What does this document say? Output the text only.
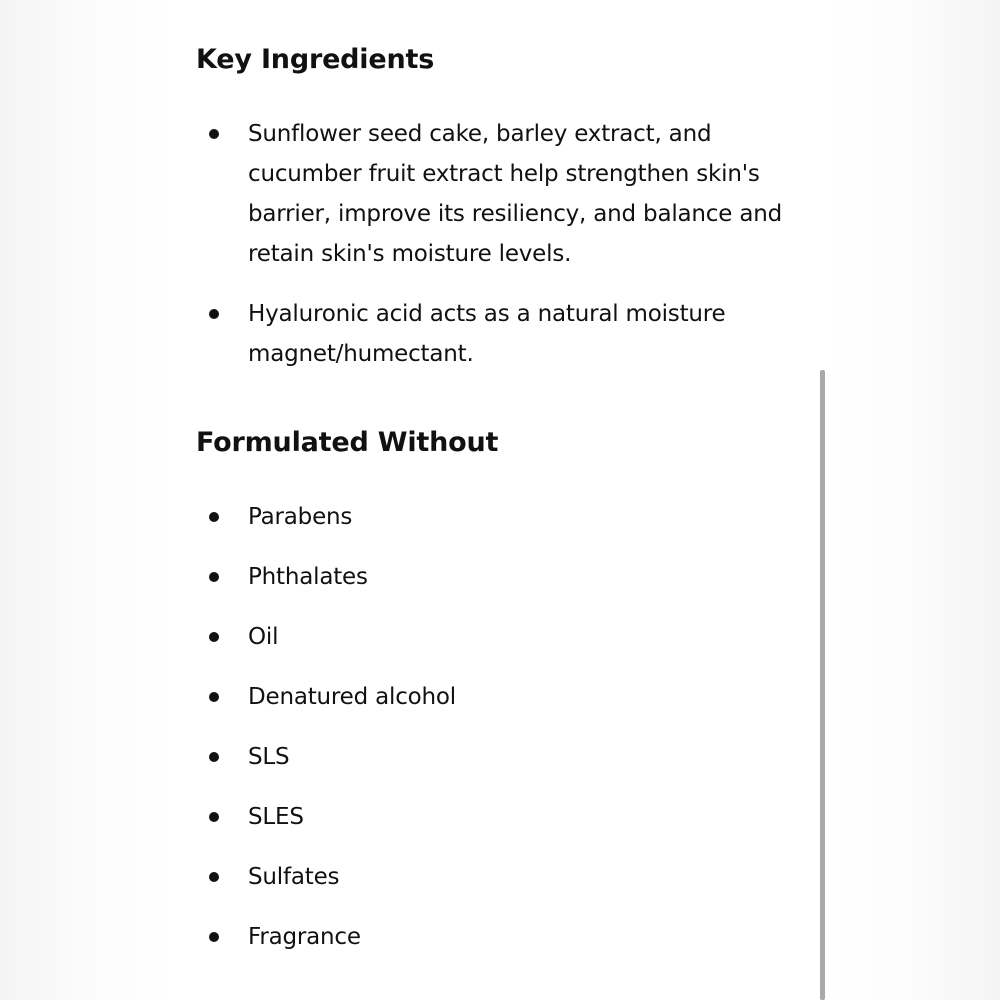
Key Ingredients
Sunflower seed cake, barley extract, and cucumber fruit extract help strengthen skin's barrier, improve its resiliency, and balance and retain skin's moisture levels.
Hyaluronic acid acts as a natural moisture magnet/humectant.
Formulated Without
Parabens
Phthalates
Oil
Denatured alcohol
SLS
SLES
Sulfates
Fragrance
